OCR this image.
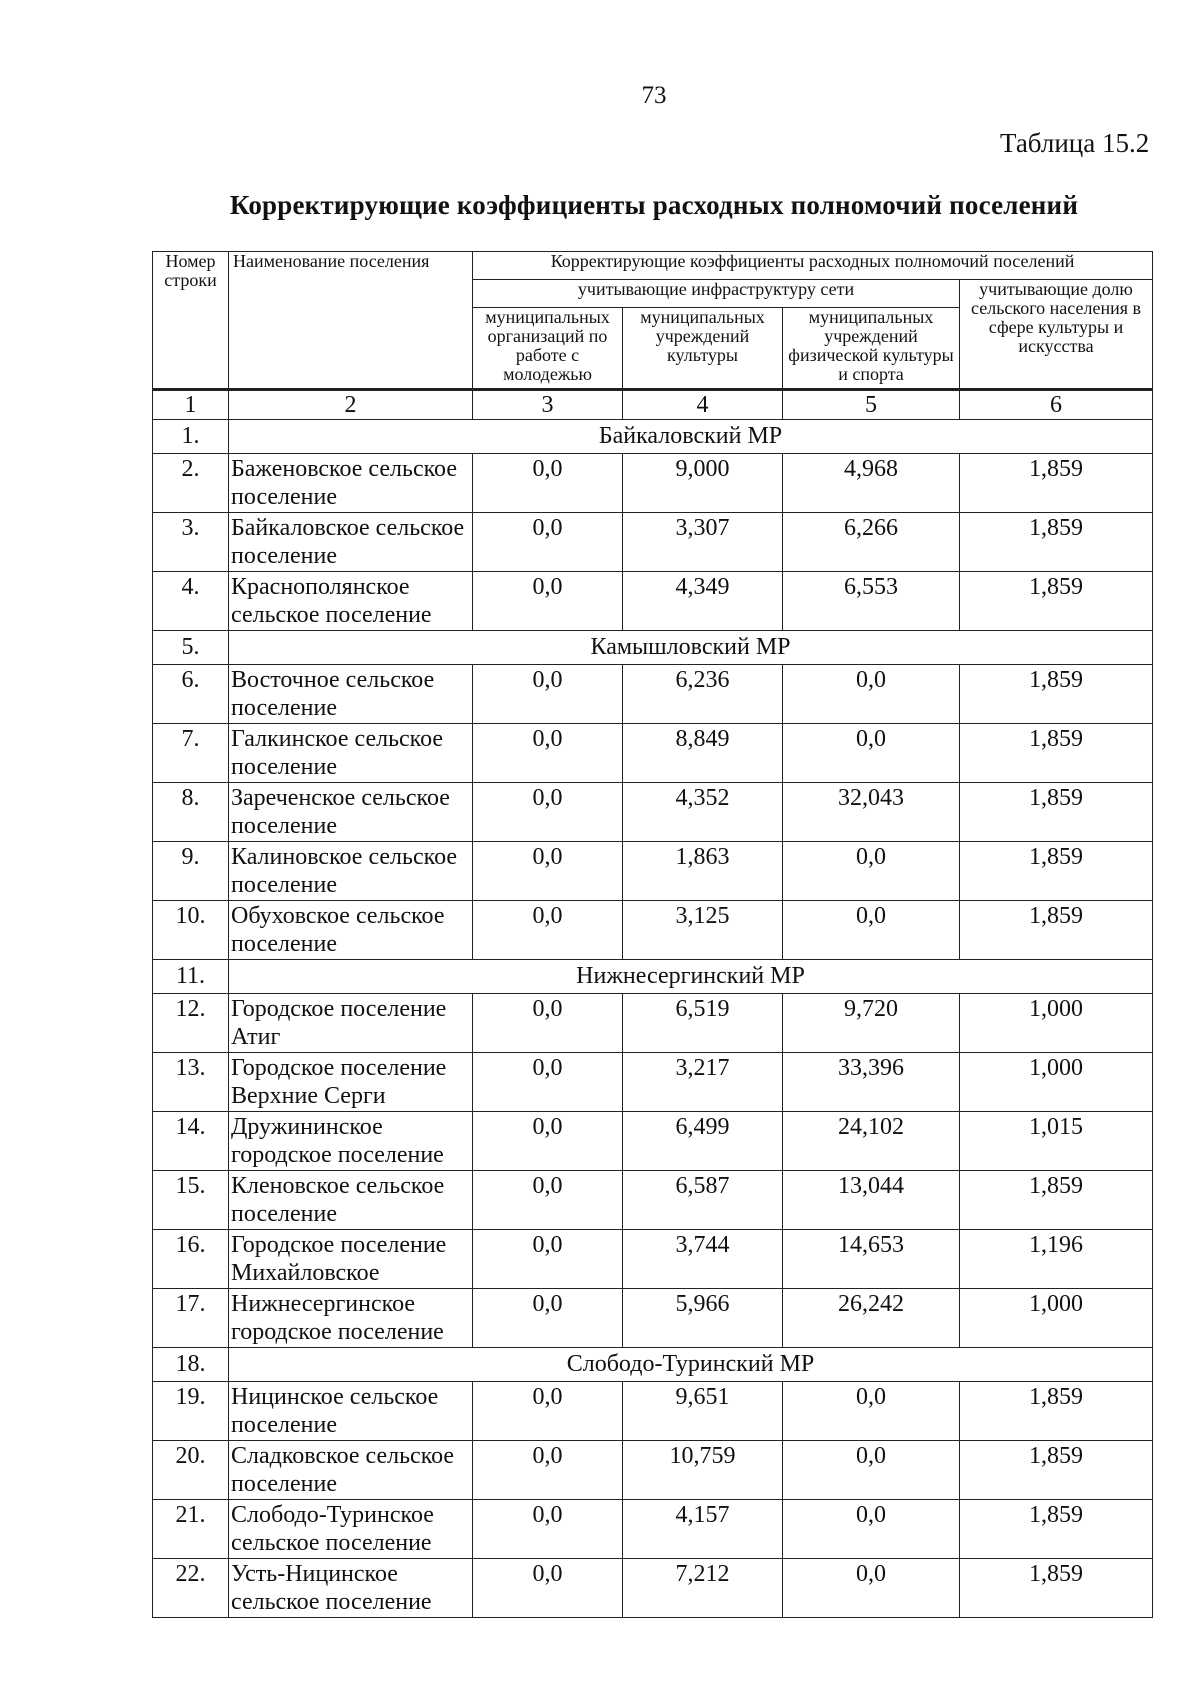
73
Таблица 15.2
Корректирующие коэффициенты расходных полномочий поселений
Номер строки	Наименование поселения	Корректирующие коэффициенты расходных полномочий поселений			
		учитывающие инфраструктуру сети			учитывающие долю сельского населения в сфере культуры и искусства
		муниципальных организаций по работе с молодежью	муниципальных учреждений культуры	муниципальных учреждений физической культуры и спорта	
1	2	3	4	5	6
1.	Байкаловский МР				
2.	Баженовское сельское поселение	0,0	9,000	4,968	1,859
3.	Байкаловское сельское поселение	0,0	3,307	6,266	1,859
4.	Краснополянское сельское поселение	0,0	4,349	6,553	1,859
5.	Камышловский МР				
6.	Восточное сельское поселение	0,0	6,236	0,0	1,859
7.	Галкинское сельское поселение	0,0	8,849	0,0	1,859
8.	Зареченское сельское поселение	0,0	4,352	32,043	1,859
9.	Калиновское сельское поселение	0,0	1,863	0,0	1,859
10.	Обуховское сельское поселение	0,0	3,125	0,0	1,859
11.	Нижнесергинский МР				
12.	Городское поселение Атиг	0,0	6,519	9,720	1,000
13.	Городское поселение Верхние Серги	0,0	3,217	33,396	1,000
14.	Дружининское городское поселение	0,0	6,499	24,102	1,015
15.	Кленовское сельское поселение	0,0	6,587	13,044	1,859
16.	Городское поселение Михайловское	0,0	3,744	14,653	1,196
17.	Нижнесергинское городское поселение	0,0	5,966	26,242	1,000
18.	Слободо-Туринский МР				
19.	Ницинское сельское поселение	0,0	9,651	0,0	1,859
20.	Сладковское сельское поселение	0,0	10,759	0,0	1,859
21.	Слободо-Туринское сельское поселение	0,0	4,157	0,0	1,859
22.	Усть-Ницинское сельское поселение	0,0	7,212	0,0	1,859
